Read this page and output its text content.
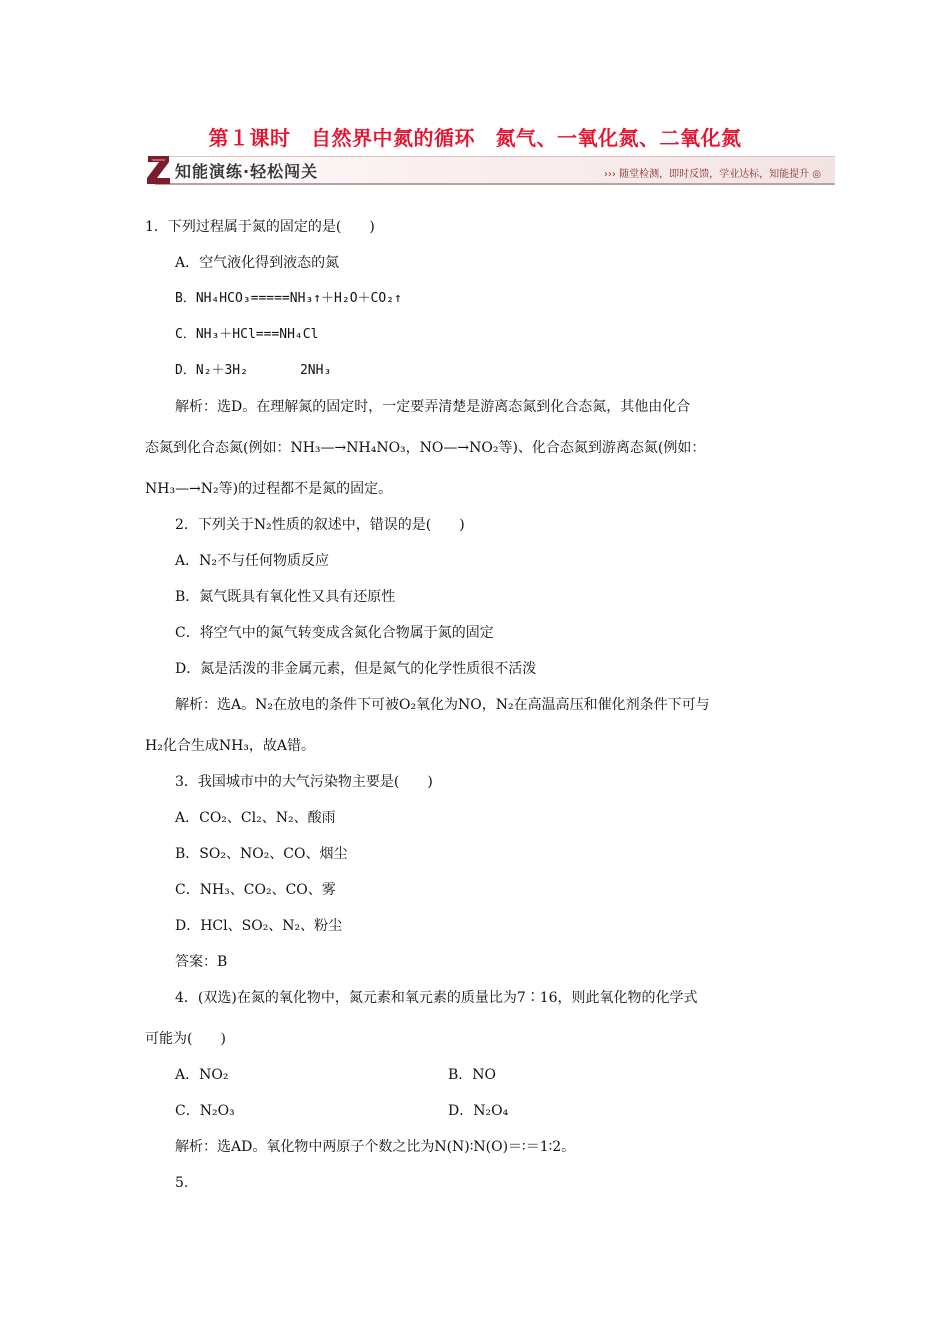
第１课时　自然界中氮的循环　氮气、一氧化氮、二氧化氮
知能演练·轻松闯关	››› 随堂检测，即时反馈，学业达标，知能提升 ◎
1．下列过程属于氮的固定的是(　　)
A．空气液化得到液态的氮
B．NH₄HCO₃=====NH₃↑＋H₂O＋CO₂↑
C．NH₃＋HCl===NH₄Cl
D．N₂＋3H₂　　　　2NH₃
解析：选D。在理解氮的固定时，一定要弄清楚是游离态氮到化合态氮，其他由化合
态氮到化合态氮(例如：NH₃—→NH₄NO₃，NO—→NO₂等)、化合态氮到游离态氮(例如：
NH₃—→N₂等)的过程都不是氮的固定。
2．下列关于N₂性质的叙述中，错误的是(　　)
A．N₂不与任何物质反应
B．氮气既具有氧化性又具有还原性
C．将空气中的氮气转变成含氮化合物属于氮的固定
D．氮是活泼的非金属元素，但是氮气的化学性质很不活泼
解析：选A。N₂在放电的条件下可被O₂氧化为NO，N₂在高温高压和催化剂条件下可与
H₂化合生成NH₃，故A错。
3．我国城市中的大气污染物主要是(　　)
A．CO₂、Cl₂、N₂、酸雨
B．SO₂、NO₂、CO、烟尘
C．NH₃、CO₂、CO、雾
D．HCl、SO₂、N₂、粉尘
答案：B
4．(双选)在氮的氧化物中，氮元素和氧元素的质量比为7∶16，则此氧化物的化学式
可能为(　　)
A．NO₂	B．NO
C．N₂O₃	D．N₂O₄
解析：选AD。氧化物中两原子个数之比为N(N)∶N(O)＝∶＝1∶2。
5.
